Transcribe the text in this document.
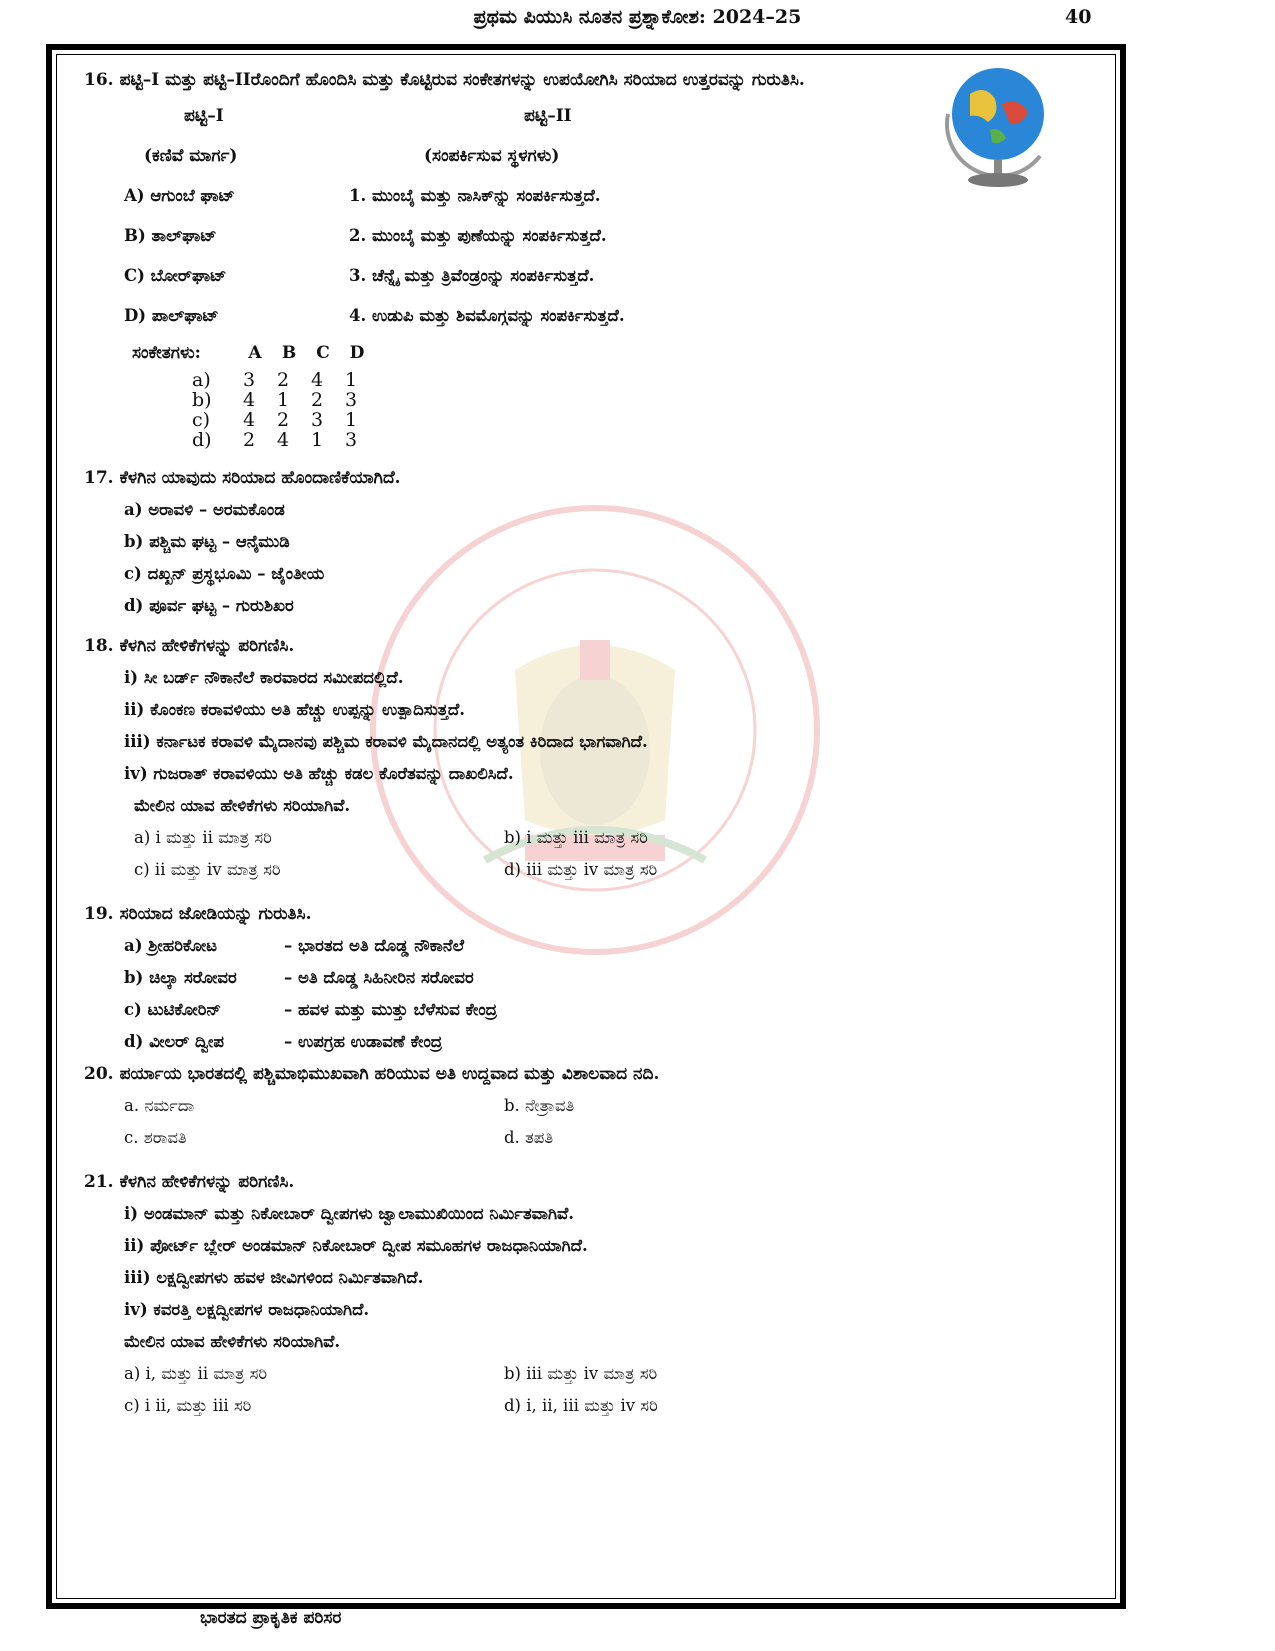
ಪ್ರಥಮ ಪಿಯುಸಿ ನೂತನ ಪ್ರಶ್ನಾಕೋಶ: 2024–25	40
16. ಪಟ್ಟಿ–I ಮತ್ತು ಪಟ್ಟಿ–IIರೊಂದಿಗೆ ಹೊಂದಿಸಿ ಮತ್ತು ಕೊಟ್ಟಿರುವ ಸಂಕೇತಗಳನ್ನು ಉಪಯೋಗಿಸಿ ಸರಿಯಾದ ಉತ್ತರವನ್ನು ಗುರುತಿಸಿ.
ಪಟ್ಟಿ–I	ಪಟ್ಟಿ–II
(ಕಣಿವೆ ಮಾರ್ಗ)	(ಸಂಪರ್ಕಿಸುವ ಸ್ಥಳಗಳು)
A) ಆಗುಂಬೆ ಘಾಟ್	1. ಮುಂಬೈ ಮತ್ತು ನಾಸಿಕ್‌ನ್ನು ಸಂಪರ್ಕಿಸುತ್ತದೆ.
B) ತಾಲ್‌ಘಾಟ್	2. ಮುಂಬೈ ಮತ್ತು ಪುಣೆಯನ್ನು ಸಂಪರ್ಕಿಸುತ್ತದೆ.
C) ಬೋರ್‌ಘಾಟ್	3. ಚೆನ್ನೈ ಮತ್ತು ತ್ರಿವೆಂಡ್ರಂನ್ನು ಸಂಪರ್ಕಿಸುತ್ತದೆ.
D) ಪಾಲ್‌ಘಾಟ್	4. ಉಡುಪಿ ಮತ್ತು ಶಿವಮೊಗ್ಗವನ್ನು ಸಂಪರ್ಕಿಸುತ್ತದೆ.
ಸಂಕೇತಗಳು:	A B C D
a)	3	2	4	1
b)	4	1	2	3
c)	4	2	3	1
d)	2	4	1	3
17. ಕೆಳಗಿನ ಯಾವುದು ಸರಿಯಾದ ಹೊಂದಾಣಿಕೆಯಾಗಿದೆ.
a) ಅರಾವಳಿ – ಅರಮಕೊಂಡ
b) ಪಶ್ಚಿಮ ಘಟ್ಟ – ಆನೈಮುಡಿ
c) ದಖ್ಖನ್ ಪ್ರಸ್ಥಭೂಮಿ – ಜೈಂತೀಯ
d) ಪೂರ್ವ ಘಟ್ಟ – ಗುರುಶಿಖರ
18. ಕೆಳಗಿನ ಹೇಳಿಕೆಗಳನ್ನು ಪರಿಗಣಿಸಿ.
i) ಸೀ ಬರ್ಡ್ ನೌಕಾನೆಲೆ ಕಾರವಾರದ ಸಮೀಪದಲ್ಲಿದೆ.
ii) ಕೊಂಕಣ ಕರಾವಳಿಯು ಅತಿ ಹೆಚ್ಚು ಉಪ್ಪನ್ನು ಉತ್ಪಾದಿಸುತ್ತದೆ.
iii) ಕರ್ನಾಟಕ ಕರಾವಳಿ ಮೈದಾನವು ಪಶ್ಚಿಮ ಕರಾವಳಿ ಮೈದಾನದಲ್ಲಿ ಅತ್ಯಂತ ಕಿರಿದಾದ ಭಾಗವಾಗಿದೆ.
iv) ಗುಜರಾತ್ ಕರಾವಳಿಯು ಅತಿ ಹೆಚ್ಚು ಕಡಲ ಕೊರೆತವನ್ನು ದಾಖಲಿಸಿದೆ.
ಮೇಲಿನ ಯಾವ ಹೇಳಿಕೆಗಳು ಸರಿಯಾಗಿವೆ.
a) i ಮತ್ತು ii ಮಾತ್ರ ಸರಿ	b) i ಮತ್ತು iii ಮಾತ್ರ ಸರಿ
c) ii ಮತ್ತು iv ಮಾತ್ರ ಸರಿ	d) iii ಮತ್ತು iv ಮಾತ್ರ ಸರಿ
19. ಸರಿಯಾದ ಜೋಡಿಯನ್ನು ಗುರುತಿಸಿ.
a) ಶ್ರೀಹರಿಕೋಟ	– ಭಾರತದ ಅತಿ ದೊಡ್ಡ ನೌಕಾನೆಲೆ
b) ಚಿಲ್ಕಾ ಸರೋವರ	– ಅತಿ ದೊಡ್ಡ ಸಿಹಿನೀರಿನ ಸರೋವರ
c) ಟುಟಿಕೋರಿನ್	– ಹವಳ ಮತ್ತು ಮುತ್ತು ಬೆಳೆಸುವ ಕೇಂದ್ರ
d) ವೀಲರ್ ದ್ವೀಪ	– ಉಪಗ್ರಹ ಉಡಾವಣೆ ಕೇಂದ್ರ
20. ಪರ್ಯಾಯ ಭಾರತದಲ್ಲಿ ಪಶ್ಚಿಮಾಭಿಮುಖವಾಗಿ ಹರಿಯುವ ಅತಿ ಉದ್ದವಾದ ಮತ್ತು ವಿಶಾಲವಾದ ನದಿ.
a. ನರ್ಮದಾ	b. ನೇತ್ರಾವತಿ
c. ಶರಾವತಿ	d. ತಪತಿ
21. ಕೆಳಗಿನ ಹೇಳಿಕೆಗಳನ್ನು ಪರಿಗಣಿಸಿ.
i) ಅಂಡಮಾನ್ ಮತ್ತು ನಿಕೋಬಾರ್ ದ್ವೀಪಗಳು ಜ್ವಾಲಾಮುಖಿಯಿಂದ ನಿರ್ಮಿತವಾಗಿವೆ.
ii) ಪೋರ್ಟ್ ಬ್ಲೇರ್ ಅಂಡಮಾನ್ ನಿಕೋಬಾರ್ ದ್ವೀಪ ಸಮೂಹಗಳ ರಾಜಧಾನಿಯಾಗಿದೆ.
iii) ಲಕ್ಷದ್ವೀಪಗಳು ಹವಳ ಜೀವಿಗಳಿಂದ ನಿರ್ಮಿತವಾಗಿದೆ.
iv) ಕವರತ್ತಿ ಲಕ್ಷದ್ವೀಪಗಳ ರಾಜಧಾನಿಯಾಗಿದೆ.
ಮೇಲಿನ ಯಾವ ಹೇಳಿಕೆಗಳು ಸರಿಯಾಗಿವೆ.
a) i, ಮತ್ತು ii ಮಾತ್ರ ಸರಿ	b) iii ಮತ್ತು iv ಮಾತ್ರ ಸರಿ
c) i ii, ಮತ್ತು iii ಸರಿ	d) i, ii, iii ಮತ್ತು iv ಸರಿ
ಭಾರತದ ಪ್ರಾಕೃತಿಕ ಪರಿಸರ
